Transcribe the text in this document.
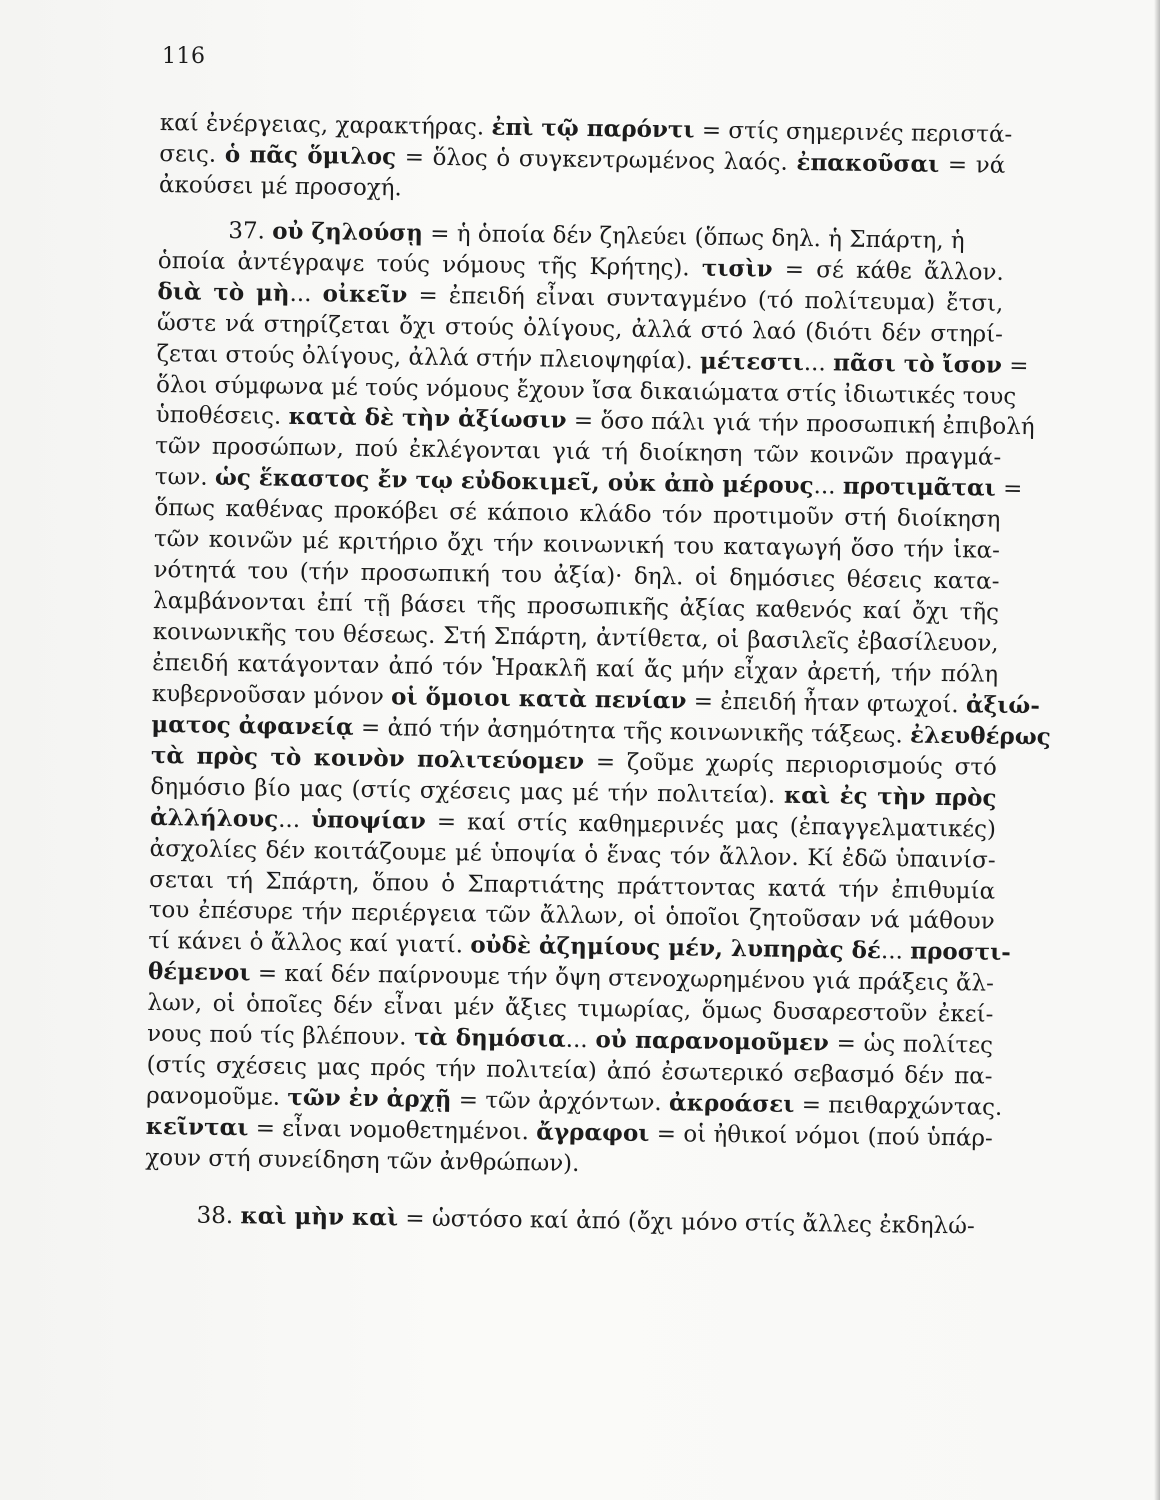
116
καί ἐνέργειας, χαρακτήρας. ἐπὶ τῷ παρόντι = στίς σημερινές περιστά-
σεις. ὁ πᾶς ὅμιλος = ὅλος ὁ συγκεντρωμένος λαός. ἐπακοῦσαι = νά
ἀκούσει μέ προσοχή.
37. οὐ ζηλούσῃ = ἡ ὁποία δέν ζηλεύει (ὅπως δηλ. ἡ Σπάρτη, ἡ
ὁποία ἀντέγραψε τούς νόμους τῆς Κρήτης). τισὶν = σέ κάθε ἄλλον.
διὰ τὸ μὴ... οἰκεῖν = ἐπειδή εἶναι συνταγμένο (τό πολίτευμα) ἔτσι,
ὥστε νά στηρίζεται ὄχι στούς ὀλίγους, ἀλλά στό λαό (διότι δέν στηρί-
ζεται στούς ὀλίγους, ἀλλά στήν πλειοψηφία). μέτεστι... πᾶσι τὸ ἴσον =
ὅλοι σύμφωνα μέ τούς νόμους ἔχουν ἴσα δικαιώματα στίς ἰδιωτικές τους
ὑποθέσεις. κατὰ δὲ τὴν ἀξίωσιν = ὅσο πάλι γιά τήν προσωπική ἐπιβολή
τῶν προσώπων, πού ἐκλέγονται γιά τή διοίκηση τῶν κοινῶν πραγμά-
των. ὡς ἕκαστος ἔν τῳ εὐδοκιμεῖ, οὐκ ἀπὸ μέρους... προτιμᾶται =
ὅπως καθένας προκόβει σέ κάποιο κλάδο τόν προτιμοῦν στή διοίκηση
τῶν κοινῶν μέ κριτήριο ὄχι τήν κοινωνική του καταγωγή ὅσο τήν ἱκα-
νότητά του (τήν προσωπική του ἀξία)· δηλ. οἱ δημόσιες θέσεις κατα-
λαμβάνονται ἐπί τῇ βάσει τῆς προσωπικῆς ἀξίας καθενός καί ὄχι τῆς
κοινωνικῆς του θέσεως. Στή Σπάρτη, ἀντίθετα, οἱ βασιλεῖς ἐβασίλευον,
ἐπειδή κατάγονταν ἀπό τόν Ἡρακλῆ καί ἄς μήν εἶχαν ἀρετή, τήν πόλη
κυβερνοῦσαν μόνον οἱ ὅμοιοι κατὰ πενίαν = ἐπειδή ἦταν φτωχοί. ἀξιώ-
ματος ἀφανείᾳ = ἀπό τήν ἀσημότητα τῆς κοινωνικῆς τάξεως. ἐλευθέρως
τὰ πρὸς τὸ κοινὸν πολιτεύομεν = ζοῦμε χωρίς περιορισμούς στό
δημόσιο βίο μας (στίς σχέσεις μας μέ τήν πολιτεία). καὶ ἐς τὴν πρὸς
ἀλλήλους... ὑποψίαν = καί στίς καθημερινές μας (ἐπαγγελματικές)
ἀσχολίες δέν κοιτάζουμε μέ ὑποψία ὁ ἕνας τόν ἄλλον. Κί ἐδῶ ὑπαινίσ-
σεται τή Σπάρτη, ὅπου ὁ Σπαρτιάτης πράττοντας κατά τήν ἐπιθυμία
του ἐπέσυρε τήν περιέργεια τῶν ἄλλων, οἱ ὁποῖοι ζητοῦσαν νά μάθουν
τί κάνει ὁ ἄλλος καί γιατί. οὐδὲ ἀζημίους μέν, λυπηρὰς δέ... προστι-
θέμενοι = καί δέν παίρνουμε τήν ὄψη στενοχωρημένου γιά πράξεις ἄλ-
λων, οἱ ὁποῖες δέν εἶναι μέν ἄξιες τιμωρίας, ὅμως δυσαρεστοῦν ἐκεί-
νους πού τίς βλέπουν. τὰ δημόσια... οὐ παρανομοῦμεν = ὡς πολίτες
(στίς σχέσεις μας πρός τήν πολιτεία) ἀπό ἐσωτερικό σεβασμό δέν πα-
ρανομοῦμε. τῶν ἐν ἀρχῇ = τῶν ἀρχόντων. ἀκροάσει = πειθαρχώντας.
κεῖνται = εἶναι νομοθετημένοι. ἄγραφοι = οἱ ἠθικοί νόμοι (πού ὑπάρ-
χουν στή συνείδηση τῶν ἀνθρώπων).
38. καὶ μὴν καὶ = ὡστόσο καί ἀπό (ὄχι μόνο στίς ἄλλες ἐκδηλώ-
